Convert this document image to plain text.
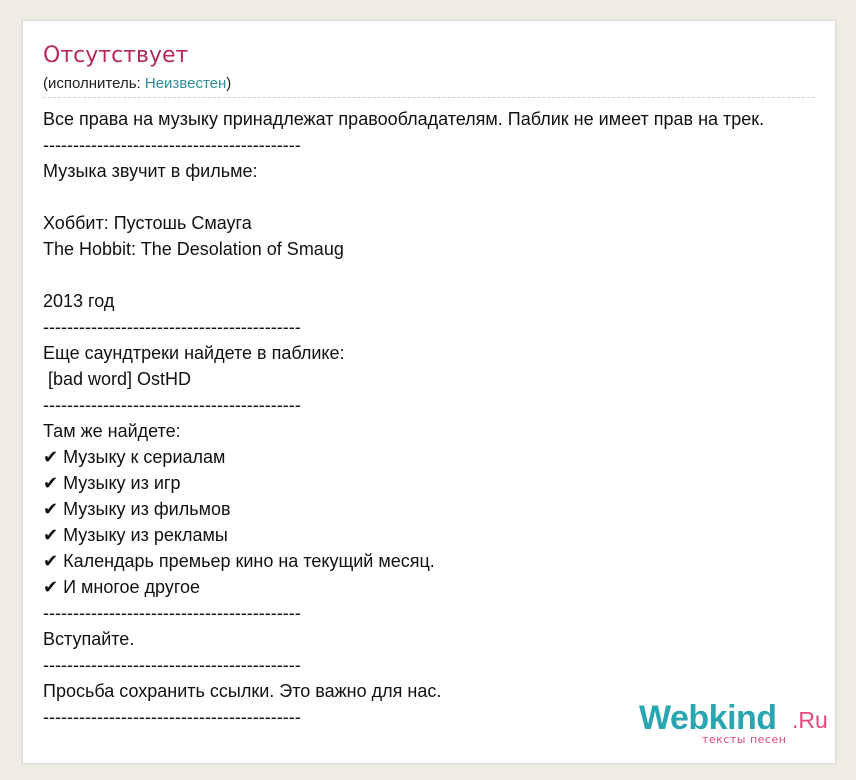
Отсутствует
(исполнитель: Неизвестен)
Все права на музыку принадлежат правообладателям. Паблик не имеет прав на трек.
-------------------------------------------
Музыка звучит в фильме:
Хоббит: Пустошь Смауга
The Hobbit: The Desolation of Smaug
2013 год
-------------------------------------------
Еще саундтреки найдете в паблике:
[bad word] OstHD
-------------------------------------------
Там же найдете:
✔ Музыку к сериалам
✔ Музыку из игр
✔ Музыку из фильмов
✔ Музыку из рекламы
✔ Календарь премьер кино на текущий месяц.
✔ И многое другое
-------------------------------------------
Вступайте.
-------------------------------------------
Просьба сохранить ссылки. Это важно для нас.
-------------------------------------------	Webkind .Ru
тексты песен
